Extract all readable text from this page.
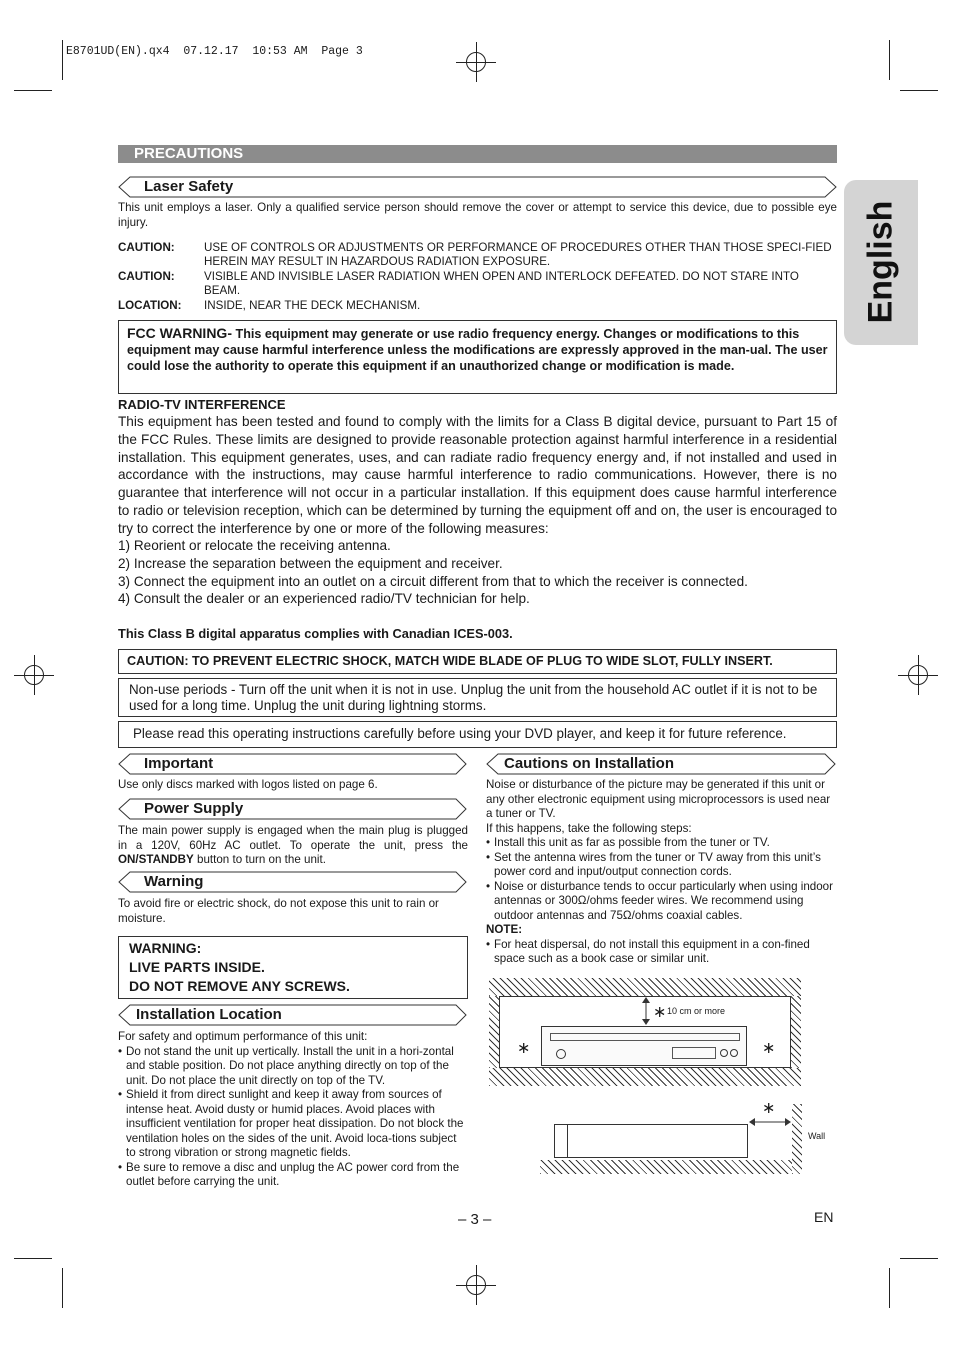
E8701UD(EN).qx4  07.12.17  10:53 AM  Page 3
English
PRECAUTIONS
Laser Safety
This unit employs a laser. Only a qualified service person should remove the cover or attempt to service this device, due to possible eye injury.
CAUTION:	USE OF CONTROLS OR ADJUSTMENTS OR PERFORMANCE OF PROCEDURES OTHER THAN THOSE SPECI-FIED HEREIN MAY RESULT IN HAZARDOUS RADIATION EXPOSURE.
CAUTION:	VISIBLE AND INVISIBLE LASER RADIATION WHEN OPEN AND INTERLOCK DEFEATED. DO NOT STARE INTO BEAM.
LOCATION:	INSIDE, NEAR THE DECK MECHANISM.
FCC WARNING- This equipment may generate or use radio frequency energy. Changes or modifications to this equipment may cause harmful interference unless the modifications are expressly approved in the man-ual. The user could lose the authority to operate this equipment if an unauthorized change or modification is made.
RADIO-TV INTERFERENCE
This equipment has been tested and found to comply with the limits for a Class B digital device, pursuant to Part 15 of the FCC Rules. These limits are designed to provide reasonable protection against harmful interference in a residential installation. This equipment generates, uses, and can radiate radio frequency energy and, if not installed and used in accordance with the instructions, may cause harmful interference to radio communications. However, there is no guarantee that interference will not occur in a particular installation. If this equipment does cause harmful interference to radio or television reception, which can be determined by turning the equipment off and on, the user is encouraged to try to correct the interference by one or more of the following measures:
1) Reorient or relocate the receiving antenna.
2) Increase the separation between the equipment and receiver.
3) Connect the equipment into an outlet on a circuit different from that to which the receiver is connected.
4) Consult the dealer or an experienced radio/TV technician for help.
This Class B digital apparatus complies with Canadian ICES-003.
CAUTION: TO PREVENT ELECTRIC SHOCK, MATCH WIDE BLADE OF PLUG TO WIDE SLOT, FULLY INSERT.
Non-use periods - Turn off the unit when it is not in use. Unplug the unit from the household AC outlet if it is not to be used for a long time. Unplug the unit during lightning storms.
Please read this operating instructions carefully before using your DVD player, and keep it for future reference.
Important
Use only discs marked with logos listed on page 6.
Power Supply
The main power supply is engaged when the main plug is plugged in a 120V, 60Hz AC outlet. To operate the unit, press the ON/STANDBY button to turn on the unit.
Warning
To avoid fire or electric shock, do not expose this unit to rain or moisture.
WARNING:
LIVE PARTS INSIDE.
DO NOT REMOVE ANY SCREWS.
Installation Location
For safety and optimum performance of this unit:
• Do not stand the unit up vertically. Install the unit in a hori-zontal and stable position. Do not place anything directly on top of the unit. Do not place the unit directly on top of the TV.
• Shield it from direct sunlight and keep it away from sources of intense heat. Avoid dusty or humid places. Avoid places with insufficient ventilation for proper heat dissipation. Do not block the ventilation holes on the sides of the unit. Avoid loca-tions subject to strong vibration or strong magnetic fields.
• Be sure to remove a disc and unplug the AC power cord from the outlet before carrying the unit.
Cautions on Installation
Noise or disturbance of the picture may be generated if this unit or any other electronic equipment using microprocessors is used near a tuner or TV.
If this happens, take the following steps:
• Install this unit as far as possible from the tuner or TV.
• Set the antenna wires from the tuner or TV away from this unit’s power cord and input/output connection cords.
• Noise or disturbance tends to occur particularly when using indoor antennas or 300Ω/ohms feeder wires. We recommend using outdoor antennas and 75Ω/ohms coaxial cables.
NOTE:
• For heat dispersal, do not install this equipment in a con-fined space such as a book case or similar unit.
∗ 10 cm or more
∗	∗
∗
Wall
– 3 –	EN
